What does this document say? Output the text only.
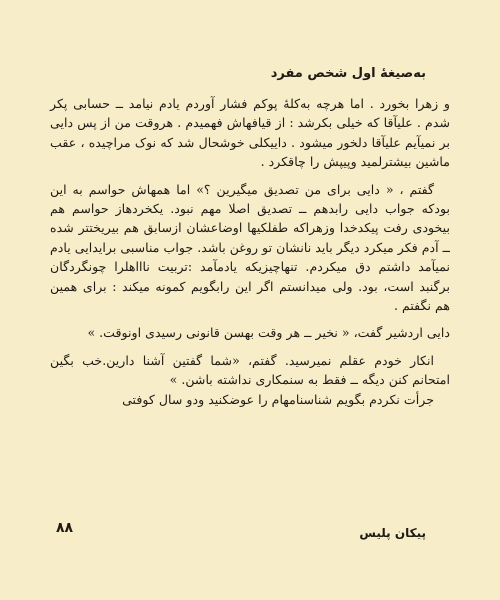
بەصیغۀ اول شخص مفرد

و زهرا بخورد . اما هرچه بەکلۀ پوکم فشار آوردم یادم نیامد ــ حسابی پکر شدم . علیآقا که خیلی بکرشد : از قیافهاش فهمیدم . هروقت من از پس دایی بر نمیآیم علیآقا دلخور میشود . داییکلی خوشحال شد که نوک مراچیده ، عقب ماشین بیشترلمید وپیپش را چاقکرد .

گفتم ، « دایی برای من تصدیق میگیرین ؟» اما همهاش حواسم به این بودکه جواب دایی رابدهم ــ تصدیق اصلا مهم نبود. یکخردهاز حواسم هم بیخودی رفت پیکدخدا وزهراکه طفلکیها اوضاعشان ازسابق هم بیریختتر شده ــ آدم فکر میکرد دیگر باید نانشان تو روغن باشد. جواب مناسبی برایدایی یادم نمیآمد داشتم دق میکردم. تنهاچیزیکه یادمآمد :تربیت ناااهلرا چونگردگان برگنبد است، بود. ولی میدانستم اگر این رابگویم کمونه میکند : برای همین هم نگفتم .

دایی اردشیر گفت، « نخیر ــ هر وقت بهسن قانونی رسیدی اونوقت. »

انکار خودم عقلم نمیرسید. گفتم، «شما گفتین آشنا دارین.خب بگین امتحانم کنن دیگه ــ فقط به سنمکاری نداشته باشن. »

جرأت نکردم بگویم شناسنامهام را عوضکنید ودو سال کوفتی

۸۸	پیکان پلیس
